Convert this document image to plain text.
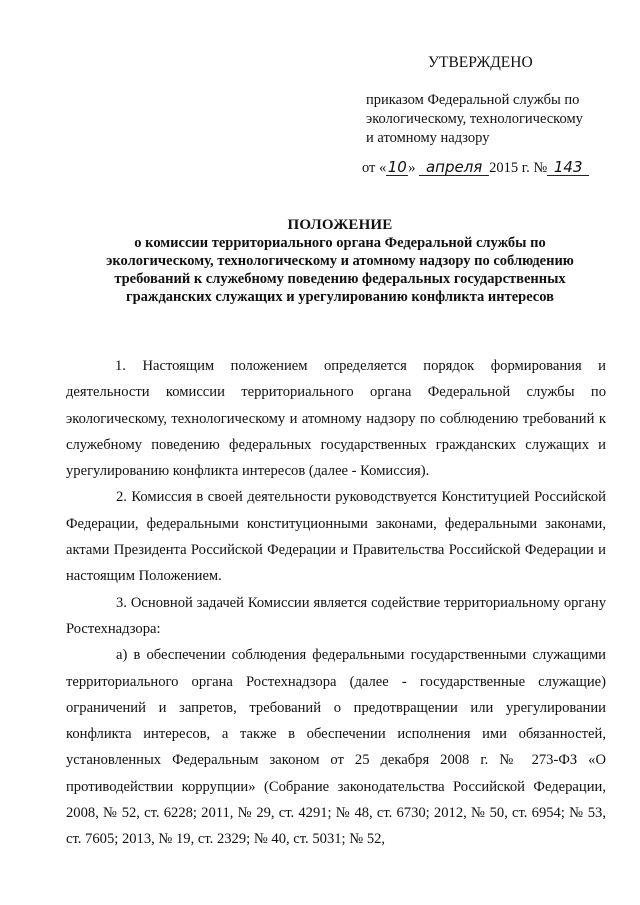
УТВЕРЖДЕНО
приказом Федеральной службы по
экологическому, технологическому
и атомному надзору
от «10» апреля 2015 г. № 143
ПОЛОЖЕНИЕ
о комиссии территориального органа Федеральной службы по
экологическому, технологическому и атомному надзору по соблюдению
требований к служебному поведению федеральных государственных
гражданских служащих и урегулированию конфликта интересов

1. Настоящим положением определяется порядок формирования и деятельности комиссии территориального органа Федеральной службы по экологическому, технологическому и атомному надзору по соблюдению требований к служебному поведению федеральных государственных гражданских служащих и урегулированию конфликта интересов (далее - Комиссия).

2. Комиссия в своей деятельности руководствуется Конституцией Российской Федерации, федеральными конституционными законами, федеральными законами, актами Президента Российской Федерации и Правительства Российской Федерации и настоящим Положением.

3. Основной задачей Комиссии является содействие территориальному органу Ростехнадзора:

а) в обеспечении соблюдения федеральными государственными служащими территориального органа Ростехнадзора (далее - государственные служащие) ограничений и запретов, требований о предотвращении или урегулировании конфликта интересов, а также в обеспечении исполнения ими обязанностей, установленных Федеральным законом от 25 декабря 2008 г. № 273-ФЗ «О противодействии коррупции» (Собрание законодательства Российской Федерации, 2008, № 52, ст. 6228; 2011, № 29, ст. 4291; № 48, ст. 6730; 2012, № 50, ст. 6954; № 53, ст. 7605; 2013, № 19, ст. 2329; № 40, ст. 5031; № 52,
